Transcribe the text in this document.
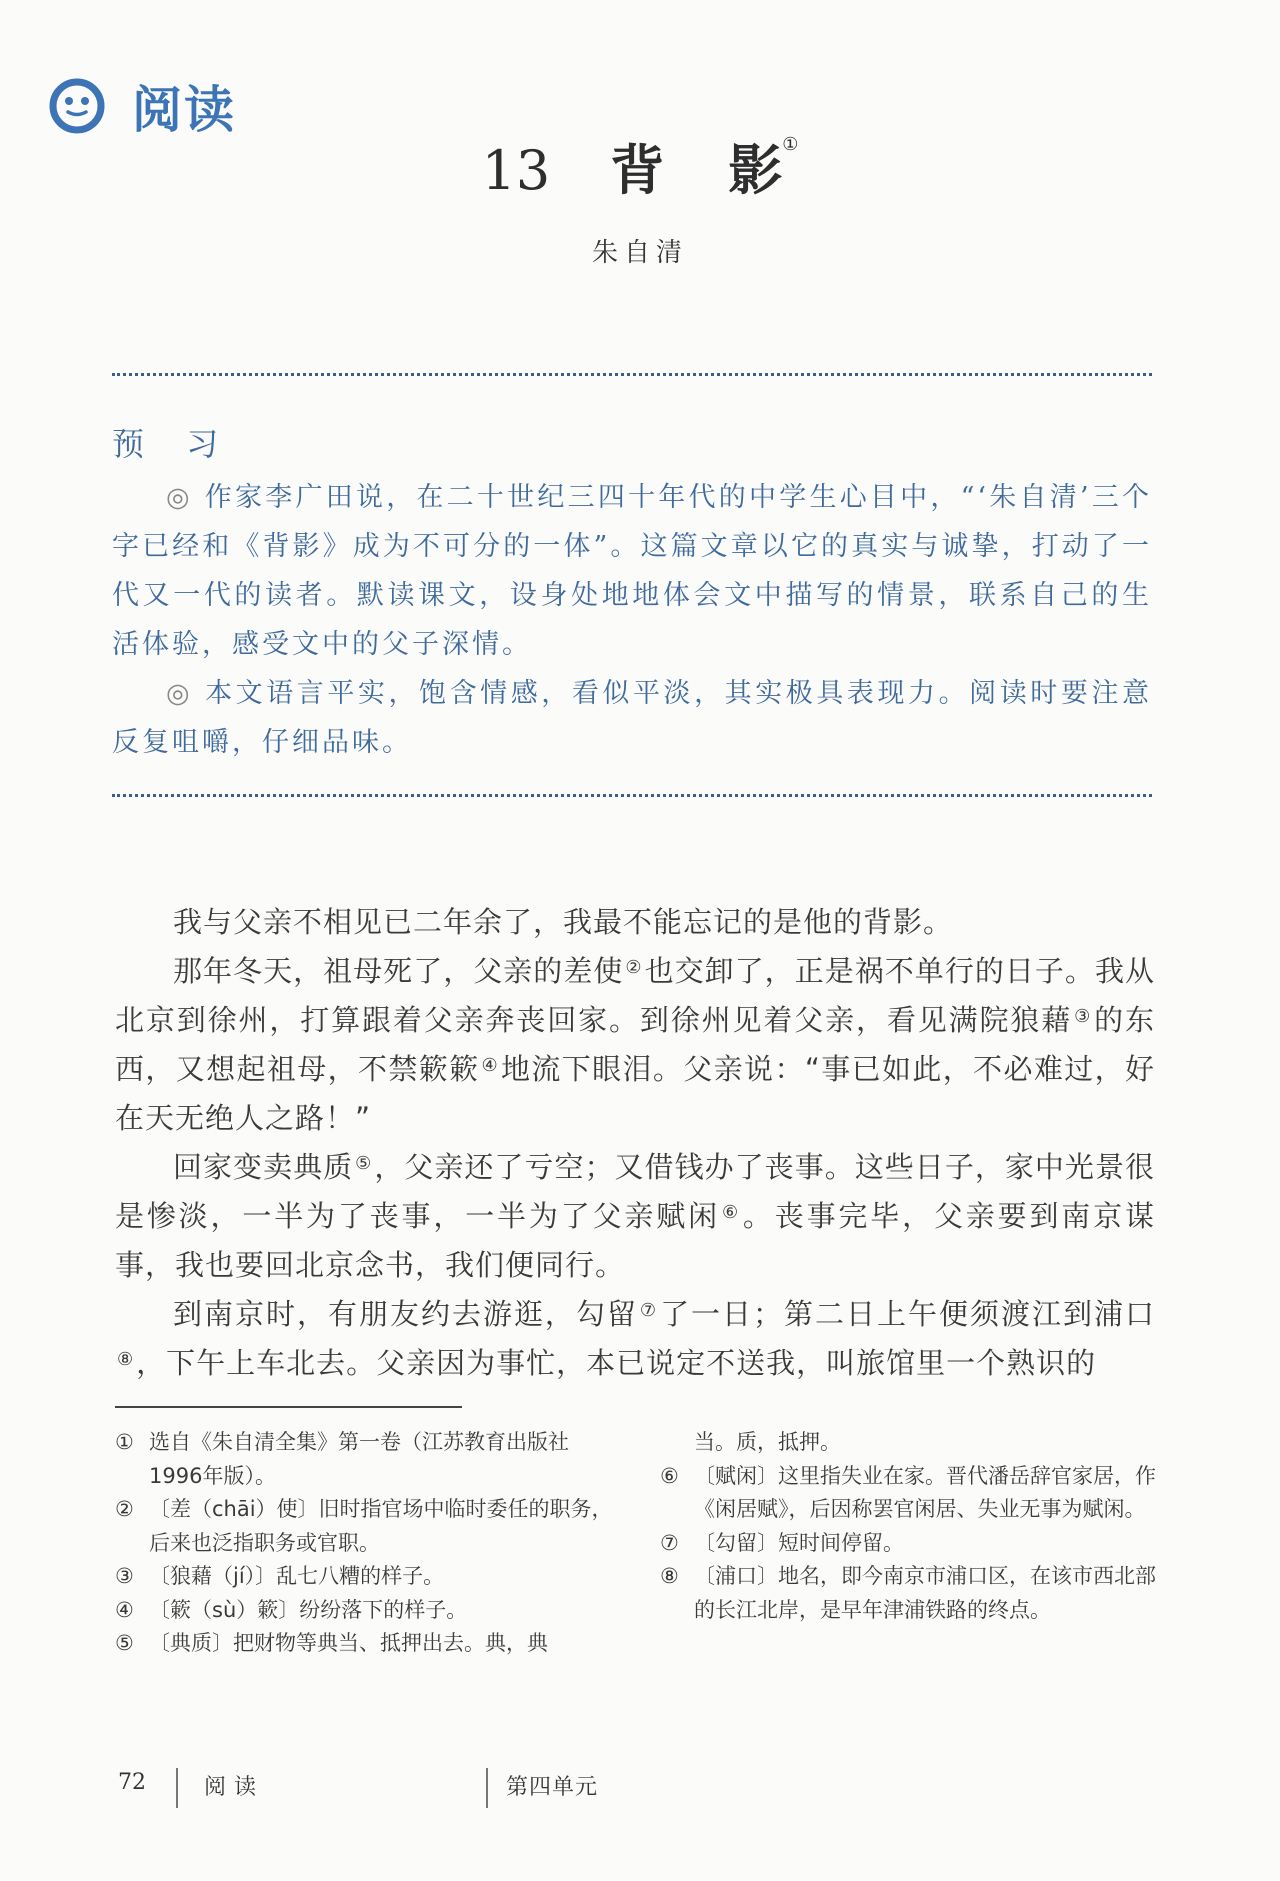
阅读
13 背 影①
朱自清
预 习

◎ 作家李广田说，在二十世纪三四十年代的中学生心目中，“‘朱自清’三个字已经和《背影》成为不可分的一体”。这篇文章以它的真实与诚挚，打动了一代又一代的读者。默读课文，设身处地地体会文中描写的情景，联系自己的生活体验，感受文中的父子深情。

◎ 本文语言平实，饱含情感，看似平淡，其实极具表现力。阅读时要注意反复咀嚼，仔细品味。

我与父亲不相见已二年余了，我最不能忘记的是他的背影。

那年冬天，祖母死了，父亲的差使 ②也交卸了，正是祸不单行的日子。我从北京到徐州，打算跟着父亲奔丧回家。到徐州见着父亲，看见满院狼藉 ③的东西，又想起祖母，不禁簌簌 ④地流下眼泪。父亲说：“事已如此，不必难过，好在天无绝人之路！”

回家变卖典质 ⑤，父亲还了亏空；又借钱办了丧事。这些日子，家中光景很是惨淡，一半为了丧事，一半为了父亲赋闲 ⑥。丧事完毕，父亲要到南京谋事，我也要回北京念书，我们便同行。

到南京时，有朋友约去游逛，勾留 ⑦了一日；第二日上午便须渡江到浦口⑧，下午上车北去。父亲因为事忙，本已说定不送我，叫旅馆里一个熟识的

① 选自《朱自清全集》第一卷（江苏教育出版社1996年版）。
② 〔差（chāi）使〕旧时指官场中临时委任的职务，后来也泛指职务或官职。
③ 〔狼藉（jí）〕乱七八糟的样子。
④ 〔簌（sù）簌〕纷纷落下的样子。
⑤ 〔典质〕把财物等典当、抵押出去。典，典
当。质，抵押。
⑥ 〔赋闲〕这里指失业在家。晋代潘岳辞官家居，作《闲居赋》，后因称罢官闲居、失业无事为赋闲。
⑦ 〔勾留〕短时间停留。
⑧ 〔浦口〕地名，即今南京市浦口区，在该市西北部的长江北岸，是早年津浦铁路的终点。
72	阅读	第四单元
